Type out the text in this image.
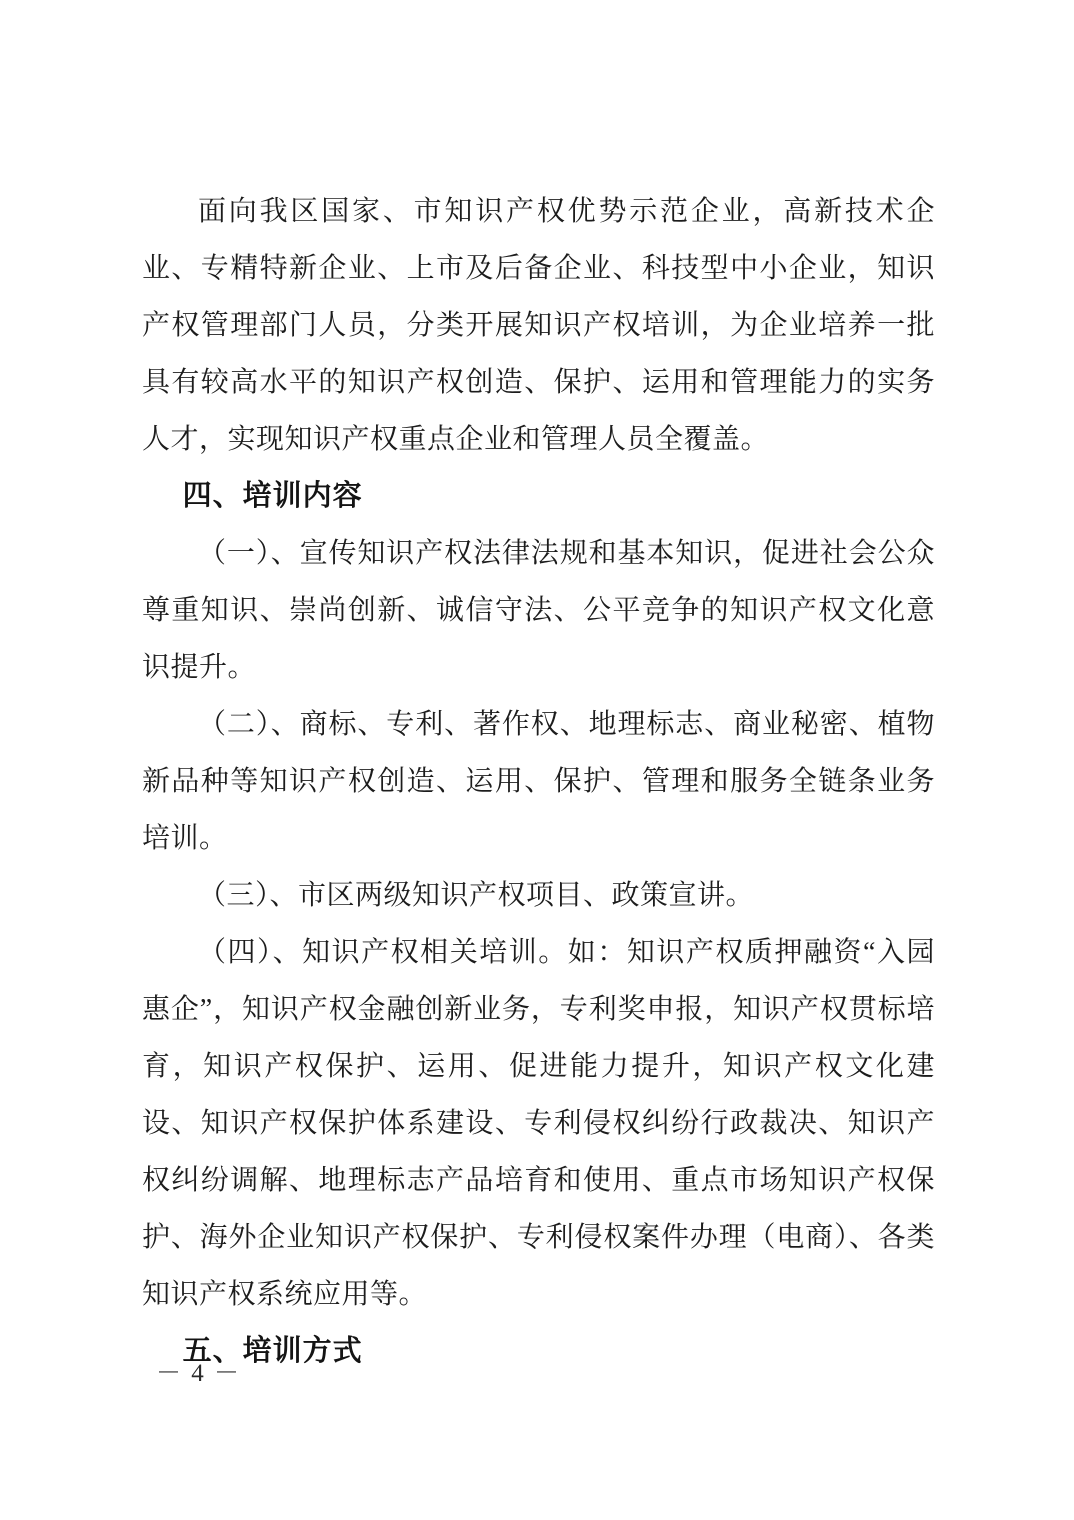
面向我区国家、市知识产权优势示范企业，高新技术企业、专精特新企业、上市及后备企业、科技型中小企业，知识产权管理部门人员，分类开展知识产权培训，为企业培养一批具有较高水平的知识产权创造、保护、运用和管理能力的实务人才，实现知识产权重点企业和管理人员全覆盖。

四、培训内容

（一）、宣传知识产权法律法规和基本知识，促进社会公众尊重知识、崇尚创新、诚信守法、公平竞争的知识产权文化意识提升。

（二）、商标、专利、著作权、地理标志、商业秘密、植物新品种等知识产权创造、运用、保护、管理和服务全链条业务培训。

（三）、市区两级知识产权项目、政策宣讲。

（四）、知识产权相关培训。如：知识产权质押融资“入园惠企”，知识产权金融创新业务，专利奖申报，知识产权贯标培育，知识产权保护、运用、促进能力提升，知识产权文化建设、知识产权保护体系建设、专利侵权纠纷行政裁决、知识产权纠纷调解、地理标志产品培育和使用、重点市场知识产权保护、海外企业知识产权保护、专利侵权案件办理（电商）、各类知识产权系统应用等。

五、培训方式
－ 4 －
